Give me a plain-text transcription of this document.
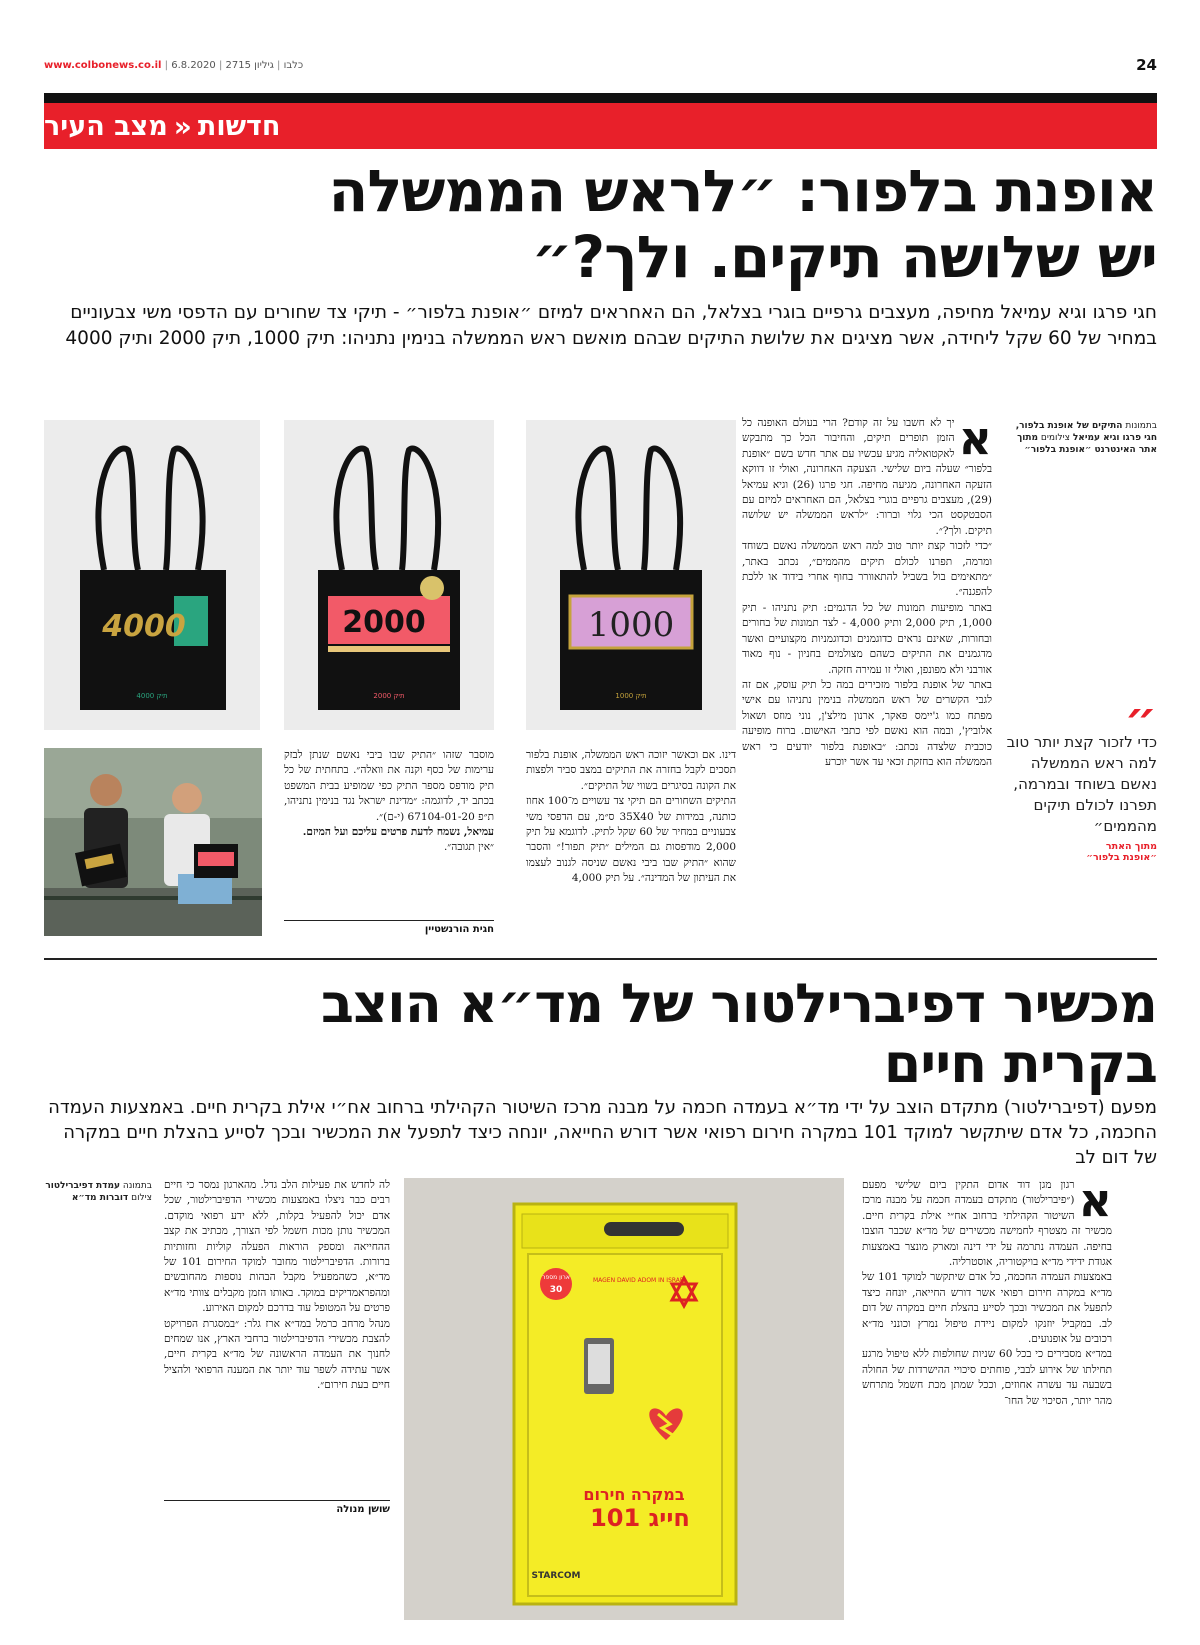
www.colbonews.co.il |	כלבו | גיליון 2715 | 6.8.2020	24
מצב העיר « חדשות
אופנת בלפור: ״לראש הממשלה
יש שלושה תיקים. ולך?״
חגי פרגו וגיא עמיאל מחיפה, מעצבים גרפיים בוגרי בצלאל, הם האחראים למיזם ״אופנת בלפור״ - תיקי צד שחורים עם הדפסי משי צבעוניים במחיר של 60 שקל ליחידה, אשר מציגים את שלושת התיקים שבהם מואשם ראש הממשלה בנימין נתניהו: תיק 1000, תיק 2000 ותיק 4000
בתמונות התיקים של אופנת בלפור, חגי פרגו וגיא עמיאל צילומים מתוך אתר האינטרנט ״אופנת בלפור״
״
כדי לזכור קצת יותר טוב למה ראש הממשלה נאשם בשוחד ובמרמה, תפרנו לכולם תיקים מהממים״
מתוך האתר
״אופנת בלפור״
א

יך לא חשבו על זה קודם? הרי בעולם האופנה כל הזמן תופרים תיקים, והחיבור הכל כך מתבקש לאקטואליה מגיע עכשיו עם אתר חדש בשם ״אופנת בלפור״ שעלה ביום שלישי. הצעקה האחרונה, ואולי זו דווקא הזעקה האחרונה, מגיעה מחיפה. חגי פרגו (26) וגיא עמיאל (29), מעצבים גרפיים בוגרי בצלאל, הם האחראים למיזם עם הסבטקסט הכי גלוי וברור: ״לראש הממשלה יש שלושה תיקים. ולך?״.

״כדי לזכור קצת יותר טוב למה ראש הממשלה נאשם בשוחד ומרמה, תפרנו לכולם תיקים מהממים״, נכתב באתר, ״מתאימים בול בשביל להתאוורר בחוף אחרי בידוד או ללכת להפגנה״.

באתר מופיעות תמונות של כל הדגמים: תיק נתניהו - תיק 1,000, תיק 2,000 ותיק 4,000 - לצד תמונות של בחורים ובחורות, שאינם נראים כדוגמנים וכדוגמניות מקצועיים ואשר מדגמנים את התיקים כשהם מצולמים בחניון - נוף מאוד אורבני ולא מפונפן, ואולי זו עמירה חזקה.

באתר של אופנת בלפור מזכירים במה כל תיק עוסק, אם זה לגבי הקשרים של ראש הממשלה בנימין נתניהו עם אישי מפתח כמו ג'יימס פאקר, ארנון מילצ'ן, נוני מוזס ושאול אלוביץ', ובמה הוא נאשם לפי כתבי האישום. ברוח מופיעה כוכבית שלצדה נכתב: ״באופנת בלפור יודעים כי ראש הממשלה הוא בחזקת זכאי עד אשר יוכרע

1000
תיק 1000
2000
תיק 2000
4000
תיק 4000

דינו. אם וכאשר יזוכה ראש הממשלה, אופנת בלפור תסכים לקבל בחזרה את התיקים במצב סביר ולפצות את הקונה בסיגרים בשווי של התיקים״.

התיקים השחורים הם תיקי צד עשויים מ־100 אחוז כותנה, במידות של 35X40 ס״מ, עם הדפסי משי צבעוניים במחיר של 60 שקל לתיק. לדוגמא על תיק 2,000 מודפסות גם המילים ״תיק תפור!״ והסבר שהוא ״התיק שבו ביבי נאשם שניסה לגנוב לעצמו את העיתון של המדינה״. על תיק 4,000

מוסבר שזהו ״התיק שבו ביבי נאשם שנתן לבזק ערימות של כסף וקנה את וואלה״. בתחתית של כל תיק מודפס מספר התיק כפי שמופיע בבית המשפט בכתב יד, לדוגמה: ״מדינת ישראל נגד בנימין נתניהו, ת״פ 67104-01-20 (י-ם)״.

עמיאל, נשמח לדעת פרטים עליכם ועל המיזם.

״אין תגובה״.

חגית הורנשטיין
מכשיר דפיברילטור של מד״א הוצב
בקרית חיים
מפעם (דפיברילטור) מתקדם הוצב על ידי מד״א בעמדה חכמה על מבנה מרכז השיטור הקהילתי ברחוב אח״י אילת בקרית חיים. באמצעות העמדה החכמה, כל אדם שיתקשר למוקד 101 במקרה חירום רפואי אשר דורש החייאה, יונחה כיצד לתפעל את המכשיר ובכך לסייע בהצלת חיים במקרה של דום לב
א

רגון מגן דוד אדום התקין ביום שלישי מפעם (״פיברילטור) מתקדם בעמדה חכמה על מבנה מרכז השיטור הקהילתי ברחוב אח״י אילת בקרית חיים. מכשיר זה מצטרף לחמישה מכשירים של מד״א שכבר הוצבו בחיפה. העמדה נתרמה על ידי דינה ומארק מונצר באמצעות אגודת ידידי מד״א בויקטוריה, אוסטרליה.

באמצעות העמדה החכמה, כל אדם שיתקשר למוקד 101 של מד״א במקרה חירום רפואי אשר דורש החייאה, יונחה כיצד לתפעל את המכשיר ובכך לסייע בהצלת חיים במקרה של דום לב. במקביל יוזנקו למקום ניידת טיפול נמרץ וכונני מד״א רכובים על אופנועים.

במד״א מסבירים כי בכל 60 שניות שחולפות ללא טיפול מרגע תחילתו של אירוע לבבי, פוחתים סיכויי ההישרדות של החולה בשבעה עד עשרה אחוזים, וככל שמתן מכת חשמל מתרחש מהר יותר, הסיכוי של החו־

ארון מספר
30
MAGEN DAVID ADOM IN ISRAEL
במקרה חירום
חייג 101
STARCOM

לה לחדש את פעילות הלב גדל. מהארגון נמסר כי חיים רבים כבר ניצלו באמצעות מכשירי הדפיברילטור, שכל אדם יכול להפעיל בקלות, ללא ידע רפואי מוקדם. המכשיר נותן מכות חשמל לפי הצורך, מכתיב את קצב ההחייאה ומספק הוראות הפעלה קוליות וחזותיות ברורות. הדפיברילטור מחובר למוקד החירום 101 של מד״א, כשהמפעיל מקבל הבהות נוספות מהחובשים ומהפראמדיקים במוקד. באותו הזמן מקבלים צוותי מד״א פרטים על המטופל עוד בדרכם למקום האירוע.

מנהל מרחב כרמל במד״א ארז גלר: ״במסגרת הפרויקט להצבת מכשירי הדפיברילטור ברחבי הארץ, אנו שמחים לחנוך את העמדה הראשונה של מד״א בקרית חיים, אשר עתידה לשפר עוד יותר את המענה הרפואי ולהציל חיים בעת חירום״.

שושן מנולה
בתמונה עמדת דפיברילטור צילום דוברות מד״א
